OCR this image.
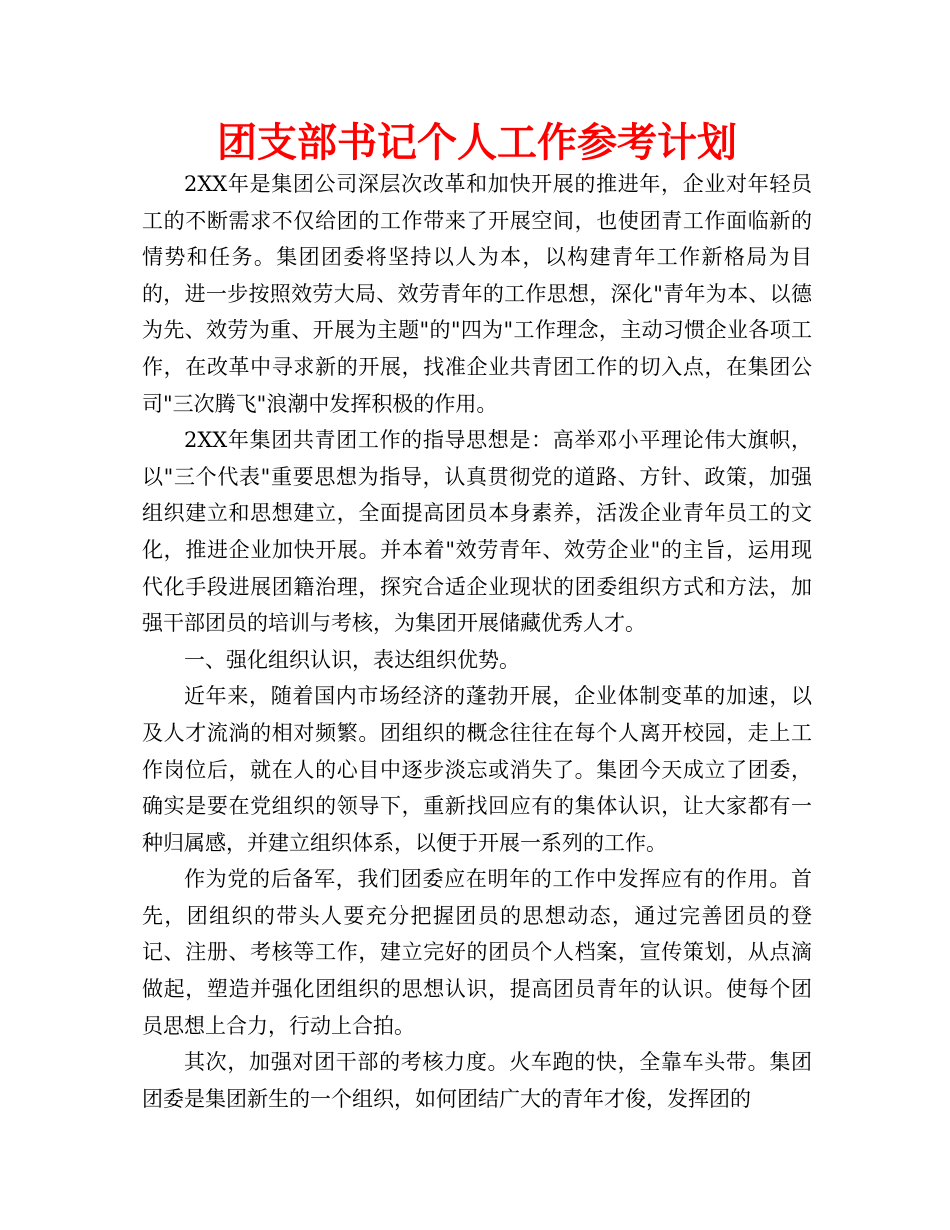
团支部书记个人工作参考计划

2XX年是集团公司深层次改革和加快开展的推进年，企业对年轻员工的不断需求不仅给团的工作带来了开展空间，也使团青工作面临新的情势和任务。集团团委将坚持以人为本，以构建青年工作新格局为目的，进一步按照效劳大局、效劳青年的工作思想，深化"青年为本、以德为先、效劳为重、开展为主题"的"四为"工作理念，主动习惯企业各项工作，在改革中寻求新的开展，找准企业共青团工作的切入点，在集团公司"三次腾飞"浪潮中发挥积极的作用。

2XX年集团共青团工作的指导思想是：高举邓小平理论伟大旗帜，以"三个代表"重要思想为指导，认真贯彻党的道路、方针、政策，加强组织建立和思想建立，全面提高团员本身素养，活泼企业青年员工的文化，推进企业加快开展。并本着"效劳青年、效劳企业"的主旨，运用现代化手段进展团籍治理，探究合适企业现状的团委组织方式和方法，加强干部团员的培训与考核，为集团开展储藏优秀人才。

一、强化组织认识，表达组织优势。

近年来，随着国内市场经济的蓬勃开展，企业体制变革的加速，以及人才流淌的相对频繁。团组织的概念往往在每个人离开校园，走上工作岗位后，就在人的心目中逐步淡忘或消失了。集团今天成立了团委，确实是要在党组织的领导下，重新找回应有的集体认识，让大家都有一种归属感，并建立组织体系，以便于开展一系列的工作。

作为党的后备军，我们团委应在明年的工作中发挥应有的作用。首先，团组织的带头人要充分把握团员的思想动态，通过完善团员的登记、注册、考核等工作，建立完好的团员个人档案，宣传策划，从点滴做起，塑造并强化团组织的思想认识，提高团员青年的认识。使每个团员思想上合力，行动上合拍。

其次，加强对团干部的考核力度。火车跑的快，全靠车头带。集团团委是集团新生的一个组织，如何团结广大的青年才俊，发挥团的
